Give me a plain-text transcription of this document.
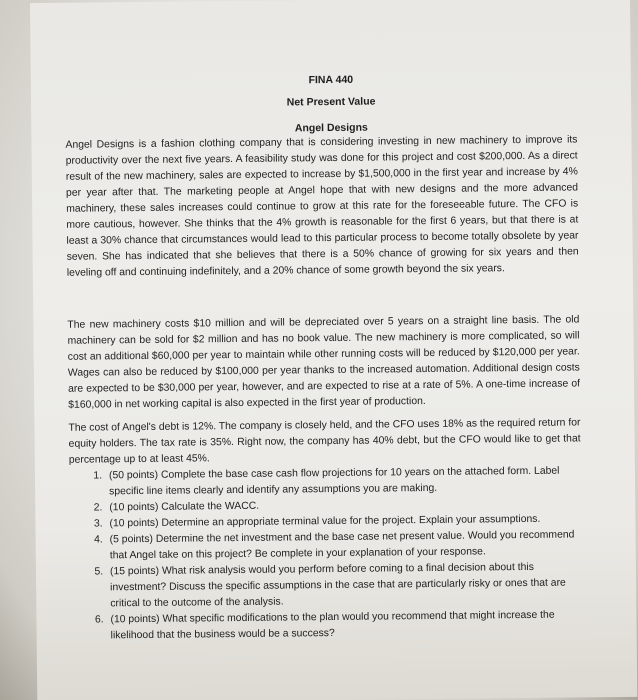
FINA 440
Net Present Value
Angel Designs

Angel Designs is a fashion clothing company that is considering investing in new machinery to improve its productivity over the next five years. A feasibility study was done for this project and cost $200,000. As a direct result of the new machinery, sales are expected to increase by $1,500,000 in the first year and increase by 4% per year after that. The marketing people at Angel hope that with new designs and the more advanced machinery, these sales increases could continue to grow at this rate for the foreseeable future. The CFO is more cautious, however. She thinks that the 4% growth is reasonable for the first 6 years, but that there is at least a 30% chance that circumstances would lead to this particular process to become totally obsolete by year seven. She has indicated that she believes that there is a 50% chance of growing for six years and then leveling off and continuing indefinitely, and a 20% chance of some growth beyond the six years.

The new machinery costs $10 million and will be depreciated over 5 years on a straight line basis. The old machinery can be sold for $2 million and has no book value. The new machinery is more complicated, so will cost an additional $60,000 per year to maintain while other running costs will be reduced by $120,000 per year. Wages can also be reduced by $100,000 per year thanks to the increased automation. Additional design costs are expected to be $30,000 per year, however, and are expected to rise at a rate of 5%. A one-time increase of $160,000 in net working capital is also expected in the first year of production.

The cost of Angel's debt is 12%. The company is closely held, and the CFO uses 18% as the required return for equity holders. The tax rate is 35%. Right now, the company has 40% debt, but the CFO would like to get that percentage up to at least 45%.

1. (50 points) Complete the base case cash flow projections for 10 years on the attached form. Label specific line items clearly and identify any assumptions you are making.
2. (10 points) Calculate the WACC.
3. (10 points) Determine an appropriate terminal value for the project. Explain your assumptions.
4. (5 points) Determine the net investment and the base case net present value. Would you recommend that Angel take on this project? Be complete in your explanation of your response.
5. (15 points) What risk analysis would you perform before coming to a final decision about this investment? Discuss the specific assumptions in the case that are particularly risky or ones that are critical to the outcome of the analysis.
6. (10 points) What specific modifications to the plan would you recommend that might increase the likelihood that the business would be a success?
